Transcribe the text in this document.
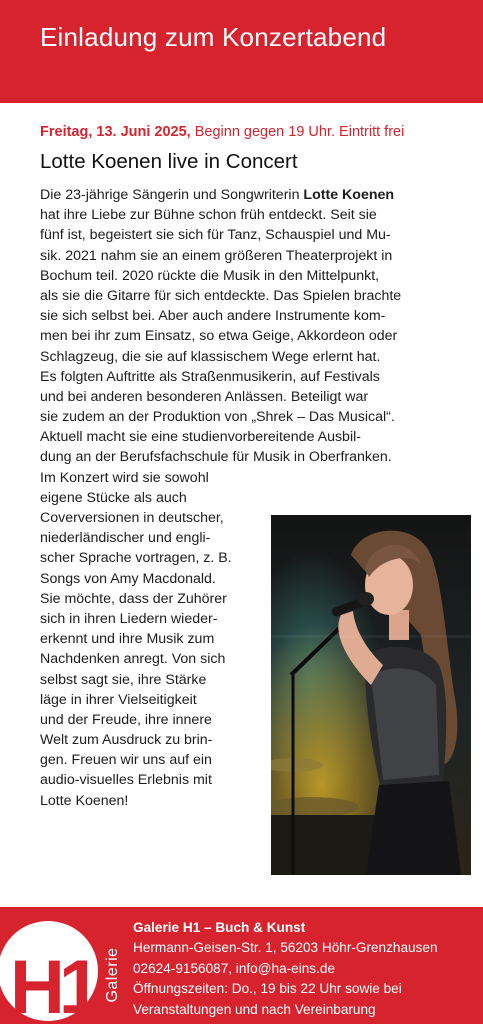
Einladung zum Konzertabend

Freitag, 13. Juni 2025, Beginn gegen 19 Uhr. Eintritt frei

Lotte Koenen live in Concert
Die 23-jährige Sängerin und Songwriterin Lotte Koenen
hat ihre Liebe zur Bühne schon früh entdeckt. Seit sie
fünf ist, begeistert sie sich für Tanz, Schauspiel und Mu-
sik. 2021 nahm sie an einem größeren Theaterprojekt in
Bochum teil. 2020 rückte die Musik in den Mittelpunkt,
als sie die Gitarre für sich entdeckte. Das Spielen brachte
sie sich selbst bei. Aber auch andere Instrumente kom-
men bei ihr zum Einsatz, so etwa Geige, Akkordeon oder
Schlagzeug, die sie auf klassischem Wege erlernt hat.
Es folgten Auftritte als Straßenmusikerin, auf Festivals
und bei anderen besonderen Anlässen. Beteiligt war
sie zudem an der Produktion von „Shrek – Das Musical“.
Aktuell macht sie eine studienvorbereitende Ausbil-
dung an der Berufsfachschule für Musik in Oberfranken.
Im Konzert wird sie sowohl
eigene Stücke als auch
Coverversionen in deutscher,
niederländischer und engli-
scher Sprache vortragen, z. B.
Songs von Amy Macdonald.
Sie möchte, dass der Zuhörer
sich in ihren Liedern wieder-
erkennt und ihre Musik zum
Nachdenken anregt. Von sich
selbst sagt sie, ihre Stärke
läge in ihrer Vielseitigkeit
und der Freude, ihre innere
Welt zum Ausdruck zu brin-
gen. Freuen wir uns auf ein
audio-visuelles Erlebnis mit
Lotte Koenen!
H1 Galerie
Galerie H1 – Buch & Kunst
Hermann-Geisen-Str. 1, 56203 Höhr-Grenzhausen
02624-9156087, info@ha-eins.de
Öffnungszeiten: Do., 19 bis 22 Uhr sowie bei
Veranstaltungen und nach Vereinbarung
